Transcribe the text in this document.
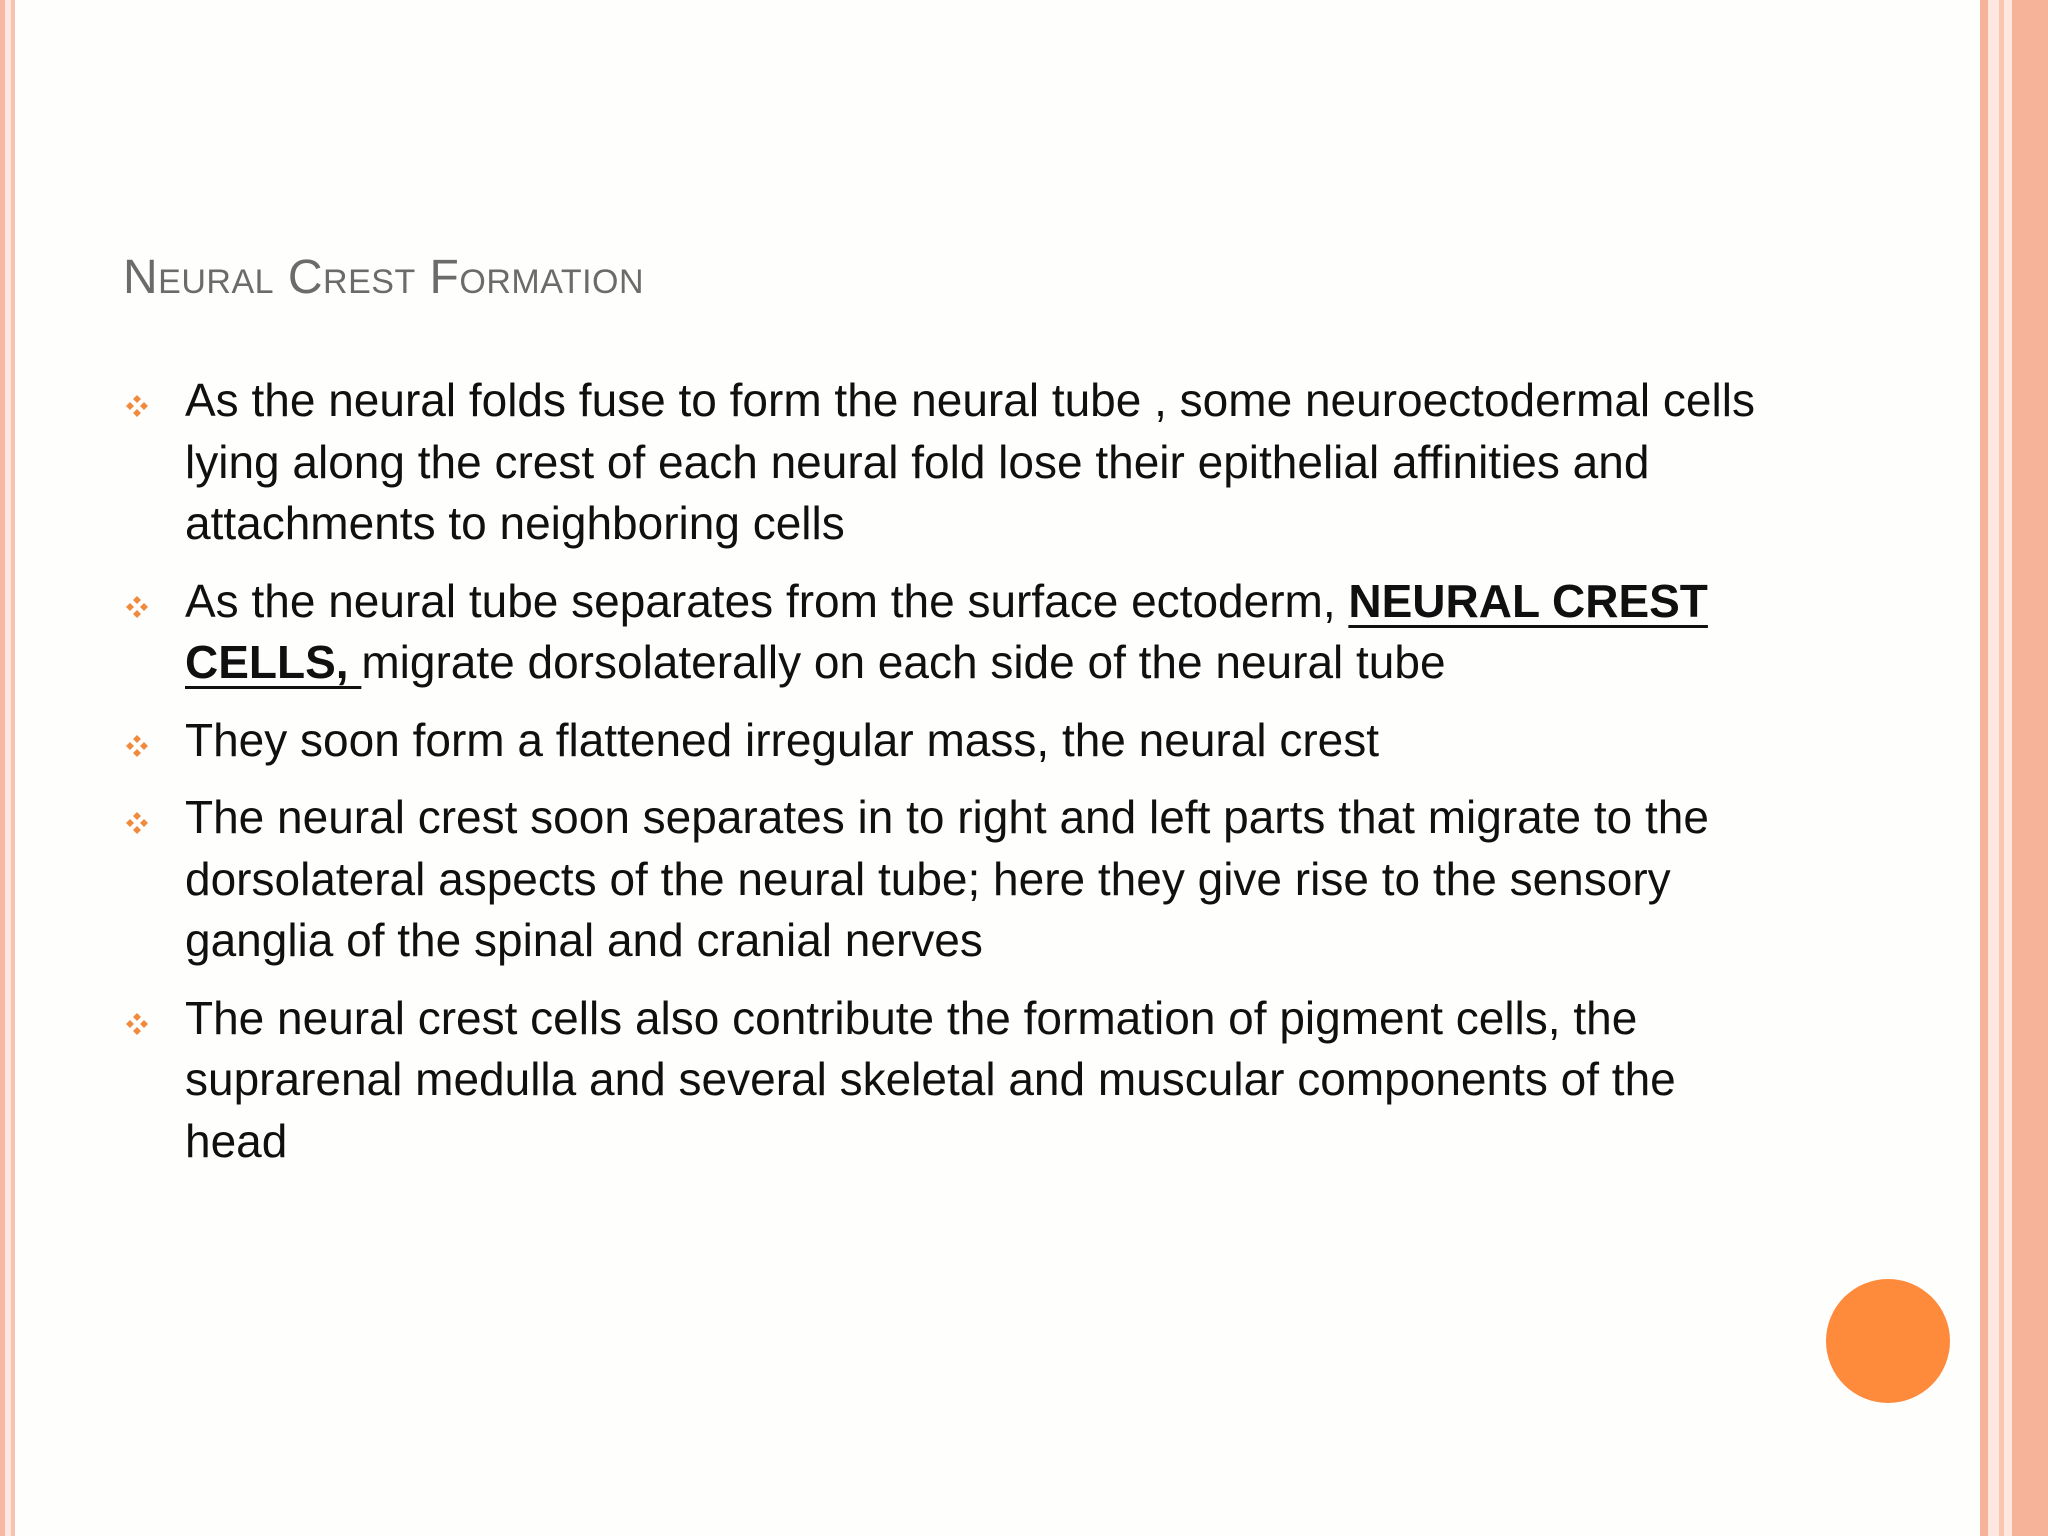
Neural Crest Formation
As the neural folds fuse to form the neural tube , some neuroectodermal cells lying along the crest of each neural fold lose their epithelial affinities and attachments to neighboring cells
As the neural tube separates from the surface ectoderm, NEURAL CREST CELLS, migrate dorsolaterally on each side of the neural tube
They soon form a flattened irregular mass, the neural crest
The neural crest soon separates in to right and left parts that migrate to the dorsolateral aspects of the neural tube; here they give rise to the sensory ganglia of the spinal and cranial nerves
The neural crest cells also contribute the formation of pigment cells, the suprarenal medulla and several skeletal and muscular components of the head
